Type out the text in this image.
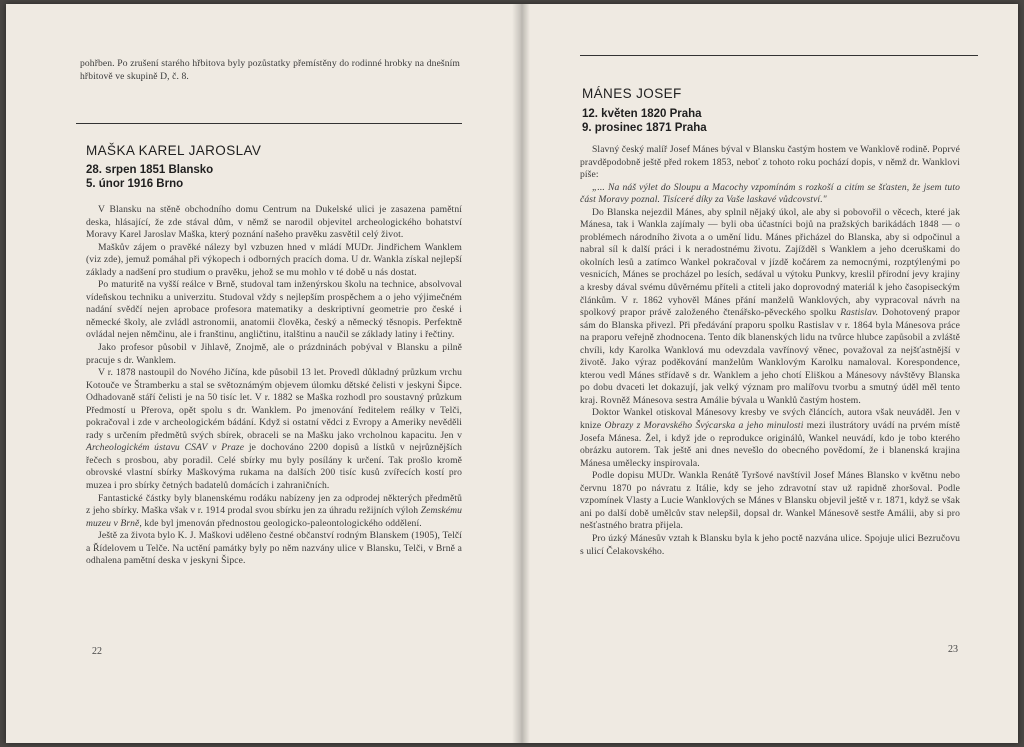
pohřben. Po zrušení starého hřbitova byly pozůstatky přemístěny do rodinné hrobky na dnešním hřbitově ve skupině D, č. 8.

MAŠKA KAREL JAROSLAV
28. srpen 1851 Blansko
5. únor 1916 Brno

V Blansku na stěně obchodního domu Centrum na Dukelské ulici je zasazena pamětní deska, hlásající, že zde stával dům, v němž se narodil objevitel archeologického bohatství Moravy Karel Jaroslav Maška, který poznání našeho pravěku zasvětil celý život.

Maškův zájem o pravěké nálezy byl vzbuzen hned v mládí MUDr. Jindřichem Wanklem (viz zde), jemuž pomáhal při výkopech i odborných pracích doma. U dr. Wankla získal nejlepší základy a nadšení pro studium o pravěku, jehož se mu mohlo v té době u nás dostat.

Po maturitě na vyšší reálce v Brně, studoval tam inženýrskou školu na technice, absolvoval vídeňskou techniku a univerzitu. Studoval vždy s nejlepším prospěchem a o jeho výjimečném nadání svědčí nejen aprobace profesora matematiky a deskriptivní geometrie pro české i německé školy, ale zvládl astronomii, anatomii člověka, český a německý těsnopis. Perfektně ovládal nejen němčinu, ale i franštinu, angličtinu, italštinu a naučil se základy latiny i řečtiny.

Jako profesor působil v Jihlavě, Znojmě, ale o prázdninách pobýval v Blansku a pilně pracuje s dr. Wanklem.

V r. 1878 nastoupil do Nového Jičína, kde působil 13 let. Provedl důkladný průzkum vrchu Kotouče ve Štramberku a stal se světoznámým objevem úlomku dětské čelisti v jeskyni Šipce. Odhadovaně stáří čelisti je na 50 tisíc let. V r. 1882 se Maška rozhodl pro soustavný průzkum Předmostí u Přerova, opět spolu s dr. Wanklem. Po jmenování ředitelem reálky v Telči, pokračoval i zde v archeologickém bádání. Když si ostatní vědci z Evropy a Ameriky nevěděli rady s určením předmětů svých sbírek, obraceli se na Mašku jako vrcholnou kapacitu. Jen v Archeologickém ústavu CSAV v Praze je dochováno 2200 dopisů a lístků v nejrůznějších řečech s prosbou, aby poradil. Celé sbírky mu byly posílány k určení. Tak prošlo kromě obrovské vlastní sbírky Maškovýma rukama na dalších 200 tisíc kusů zvířecích kostí pro muzea i pro sbírky četných badatelů domácích i zahraničních.

Fantastické částky byly blanenskému rodáku nabízeny jen za odprodej některých předmětů z jeho sbírky. Maška však v r. 1914 prodal svou sbírku jen za úhradu režijních výloh Zemskému muzeu v Brně, kde byl jmenován přednostou geologicko-paleontologického oddělení.

Ještě za života bylo K. J. Maškovi uděleno čestné občanství rodným Blanskem (1905), Telčí a Řídelovem u Telče. Na uctění památky byly po něm nazvány ulice v Blansku, Telči, v Brně a odhalena pamětní deska v jeskyni Šipce.

22
MÁNES JOSEF
12. květen 1820 Praha
9. prosinec 1871 Praha

Slavný český malíř Josef Mánes býval v Blansku častým hostem ve Wanklově rodině. Poprvé pravděpodobně ještě před rokem 1853, neboť z tohoto roku pochází dopis, v němž dr. Wanklovi píše:

„... Na náš výlet do Sloupu a Macochy vzpomínám s rozkoší a citím se šťasten, že jsem tuto část Moravy poznal. Tisíceré díky za Vaše laskavé vůdcovství."

Do Blanska nejezdil Mánes, aby splnil nějaký úkol, ale aby si pobovořil o věcech, které jak Mánesa, tak i Wankla zajímaly — byli oba účastníci bojů na pražských barikádách 1848 — o problémech národního života a o umění lidu. Mánes přicházel do Blanska, aby si odpočinul a nabral síl k další práci i k neradostnému životu. Zajížděl s Wanklem a jeho dceruškami do okolních lesů a zatímco Wankel pokračoval v jízdě kočárem za nemocnými, rozptýlenými po vesnicích, Mánes se procházel po lesích, sedával u výtoku Punkvy, kreslil přírodní jevy krajiny a kresby dával svému důvěrnému příteli a ctiteli jako doprovodný materiál k jeho časopiseckým článkům. V r. 1862 vyhověl Mánes přání manželů Wanklových, aby vypracoval návrh na spolkový prapor právě založeného čtenářsko-pěveckého spolku Rastislav. Dohotovený prapor sám do Blanska přivezl. Při předávání praporu spolku Rastislav v r. 1864 byla Mánesova práce na praporu veřejně zhodnocena. Tento dík blanenských lidu na tvůrce hlubce zapůsobil a zvláště chvíli, kdy Karolka Wanklová mu odevzdala vavřínový věnec, považoval za nejšťastnější v životě. Jako výraz poděkování manželům Wanklovým Karolku namaloval. Korespondence, kterou vedl Mánes střídavě s dr. Wanklem a jeho chotí Eliškou a Mánesovy návštěvy Blanska po dobu dvaceti let dokazují, jak velký význam pro malířovu tvorbu a smutný úděl měl tento kraj. Rovněž Mánesova sestra Amálie bývala u Wanklů častým hostem.

Doktor Wankel otiskoval Mánesovy kresby ve svých článcích, autora však neuváděl. Jen v knize Obrazy z Moravského Švýcarska a jeho minulosti mezi ilustrátory uvádí na prvém místě Josefa Mánesa. Žel, i když jde o reprodukce originálů, Wankel neuvádí, kdo je tobo kterého obrázku autorem. Tak ještě ani dnes nevešlo do obecného povědomí, že i blanenská krajina Mánesa umělecky inspirovala.

Podle dopisu MUDr. Wankla Renátě Tyršové navštívil Josef Mánes Blansko v květnu nebo červnu 1870 po návratu z Itálie, kdy se jeho zdravotní stav už rapidně zhoršoval. Podle vzpomínek Vlasty a Lucie Wanklových se Mánes v Blansku objevil ještě v r. 1871, když se však ani po další době umělcův stav nelepšil, dopsal dr. Wankel Mánesově sestře Amálii, aby si pro nešťastného bratra přijela.

Pro úzký Mánesův vztah k Blansku byla k jeho poctě nazvána ulice. Spojuje ulici Bezručovu s ulicí Čelakovského.

23
